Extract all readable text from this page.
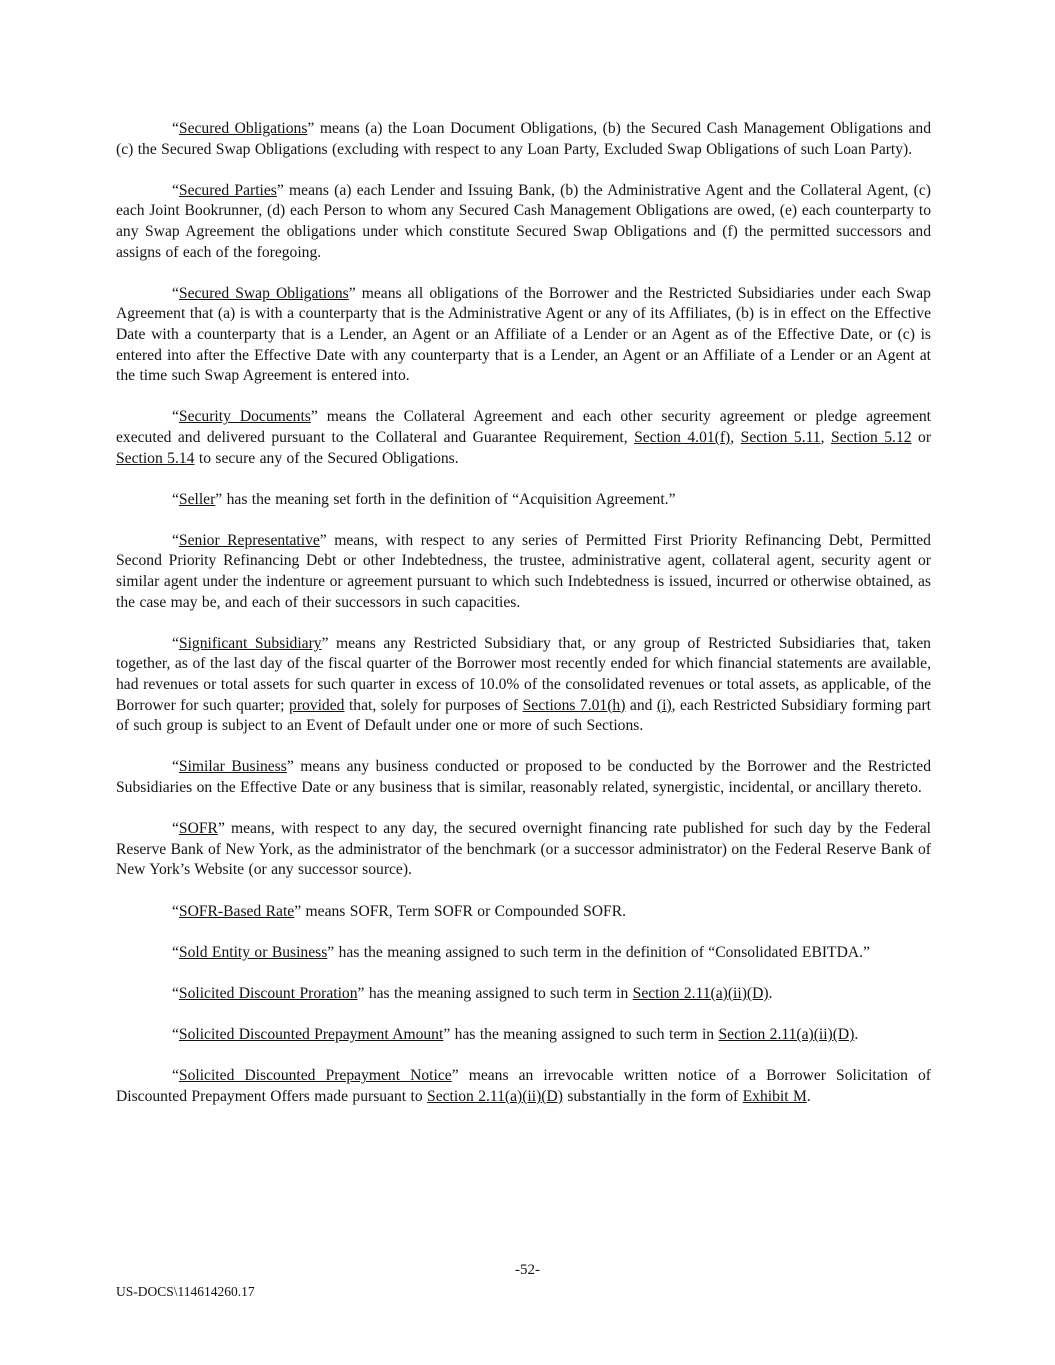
“Secured Obligations” means (a) the Loan Document Obligations, (b) the Secured Cash Management Obligations and (c) the Secured Swap Obligations (excluding with respect to any Loan Party, Excluded Swap Obligations of such Loan Party).

“Secured Parties” means (a) each Lender and Issuing Bank, (b) the Administrative Agent and the Collateral Agent, (c) each Joint Bookrunner, (d) each Person to whom any Secured Cash Management Obligations are owed, (e) each counterparty to any Swap Agreement the obligations under which constitute Secured Swap Obligations and (f) the permitted successors and assigns of each of the foregoing.

“Secured Swap Obligations” means all obligations of the Borrower and the Restricted Subsidiaries under each Swap Agreement that (a) is with a counterparty that is the Administrative Agent or any of its Affiliates, (b) is in effect on the Effective Date with a counterparty that is a Lender, an Agent or an Affiliate of a Lender or an Agent as of the Effective Date, or (c) is entered into after the Effective Date with any counterparty that is a Lender, an Agent or an Affiliate of a Lender or an Agent at the time such Swap Agreement is entered into.

“Security Documents” means the Collateral Agreement and each other security agreement or pledge agreement executed and delivered pursuant to the Collateral and Guarantee Requirement, Section 4.01(f), Section 5.11, Section 5.12 or Section 5.14 to secure any of the Secured Obligations.

“Seller” has the meaning set forth in the definition of “Acquisition Agreement.”

“Senior Representative” means, with respect to any series of Permitted First Priority Refinancing Debt, Permitted Second Priority Refinancing Debt or other Indebtedness, the trustee, administrative agent, collateral agent, security agent or similar agent under the indenture or agreement pursuant to which such Indebtedness is issued, incurred or otherwise obtained, as the case may be, and each of their successors in such capacities.

“Significant Subsidiary” means any Restricted Subsidiary that, or any group of Restricted Subsidiaries that, taken together, as of the last day of the fiscal quarter of the Borrower most recently ended for which financial statements are available, had revenues or total assets for such quarter in excess of 10.0% of the consolidated revenues or total assets, as applicable, of the Borrower for such quarter; provided that, solely for purposes of Sections 7.01(h) and (i), each Restricted Subsidiary forming part of such group is subject to an Event of Default under one or more of such Sections.

“Similar Business” means any business conducted or proposed to be conducted by the Borrower and the Restricted Subsidiaries on the Effective Date or any business that is similar, reasonably related, synergistic, incidental, or ancillary thereto.

“SOFR” means, with respect to any day, the secured overnight financing rate published for such day by the Federal Reserve Bank of New York, as the administrator of the benchmark (or a successor administrator) on the Federal Reserve Bank of New York’s Website (or any successor source).

“SOFR-Based Rate” means SOFR, Term SOFR or Compounded SOFR.

“Sold Entity or Business” has the meaning assigned to such term in the definition of “Consolidated EBITDA.”

“Solicited Discount Proration” has the meaning assigned to such term in Section 2.11(a)(ii)(D).

“Solicited Discounted Prepayment Amount” has the meaning assigned to such term in Section 2.11(a)(ii)(D).

“Solicited Discounted Prepayment Notice” means an irrevocable written notice of a Borrower Solicitation of Discounted Prepayment Offers made pursuant to Section 2.11(a)(ii)(D) substantially in the form of Exhibit M.

-52-
US-DOCS\114614260.17
